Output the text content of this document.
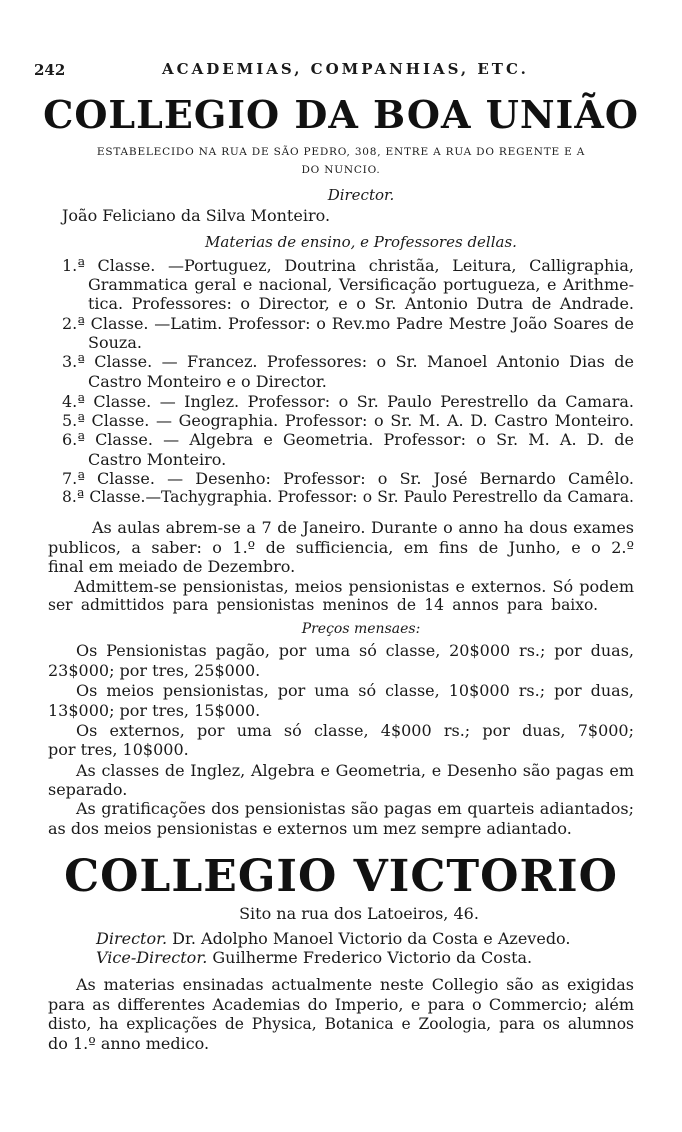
242	ACADEMIAS, COMPANHIAS, ETC.
COLLEGIO DA BOA UNIÃO
ESTABELECIDO NA RUA DE SÃO PEDRO, 308, ENTRE A RUA DO REGENTE E A
DO NUNCIO.
Director.
João Feliciano da Silva Monteiro.
Materias de ensino, e Professores dellas.
1.ª Classe. —Portuguez, Doutrina christãa, Leitura, Calligraphia,
Grammatica geral e nacional, Versificação portugueza, e Arithme-
tica. Professores: o Director, e o Sr. Antonio Dutra de Andrade.
2.ª Classe. —Latim. Professor: o Rev.mo Padre Mestre João Soares de
Souza.
3.ª Classe. — Francez. Professores: o Sr. Manoel Antonio Dias de
Castro Monteiro e o Director.
4.ª Classe. — Inglez. Professor: o Sr. Paulo Perestrello da Camara.
5.ª Classe. — Geographia. Professor: o Sr. M. A. D. Castro Monteiro.
6.ª Classe. — Algebra e Geometria. Professor: o Sr. M. A. D. de
Castro Monteiro.
7.ª Classe. — Desenho: Professor: o Sr. José Bernardo Camêlo.
8.ª Classe.—Tachygraphia. Professor: o Sr. Paulo Perestrello da Camara.
As aulas abrem-se a 7 de Janeiro. Durante o anno ha dous exames
publicos, a saber: o 1.º de sufficiencia, em fins de Junho, e o 2.º
final em meiado de Dezembro.
Admittem-se pensionistas, meios pensionistas e externos. Só podem
ser admittidos para pensionistas meninos de 14 annos para baixo.
Preços mensaes:
Os Pensionistas pagão, por uma só classe, 20$000 rs.; por duas,
23$000; por tres, 25$000.
Os meios pensionistas, por uma só classe, 10$000 rs.; por duas,
13$000; por tres, 15$000.
Os externos, por uma só classe, 4$000 rs.; por duas, 7$000;
por tres, 10$000.
As classes de Inglez, Algebra e Geometria, e Desenho são pagas em
separado.
As gratificações dos pensionistas são pagas em quarteis adiantados;
as dos meios pensionistas e externos um mez sempre adiantado.
COLLEGIO VICTORIO
Sito na rua dos Latoeiros, 46.
Director. Dr. Adolpho Manoel Victorio da Costa e Azevedo.
Vice-Director. Guilherme Frederico Victorio da Costa.
As materias ensinadas actualmente neste Collegio são as exigidas
para as differentes Academias do Imperio, e para o Commercio; além
disto, ha explicações de Physica, Botanica e Zoologia, para os alumnos
do 1.º anno medico.
